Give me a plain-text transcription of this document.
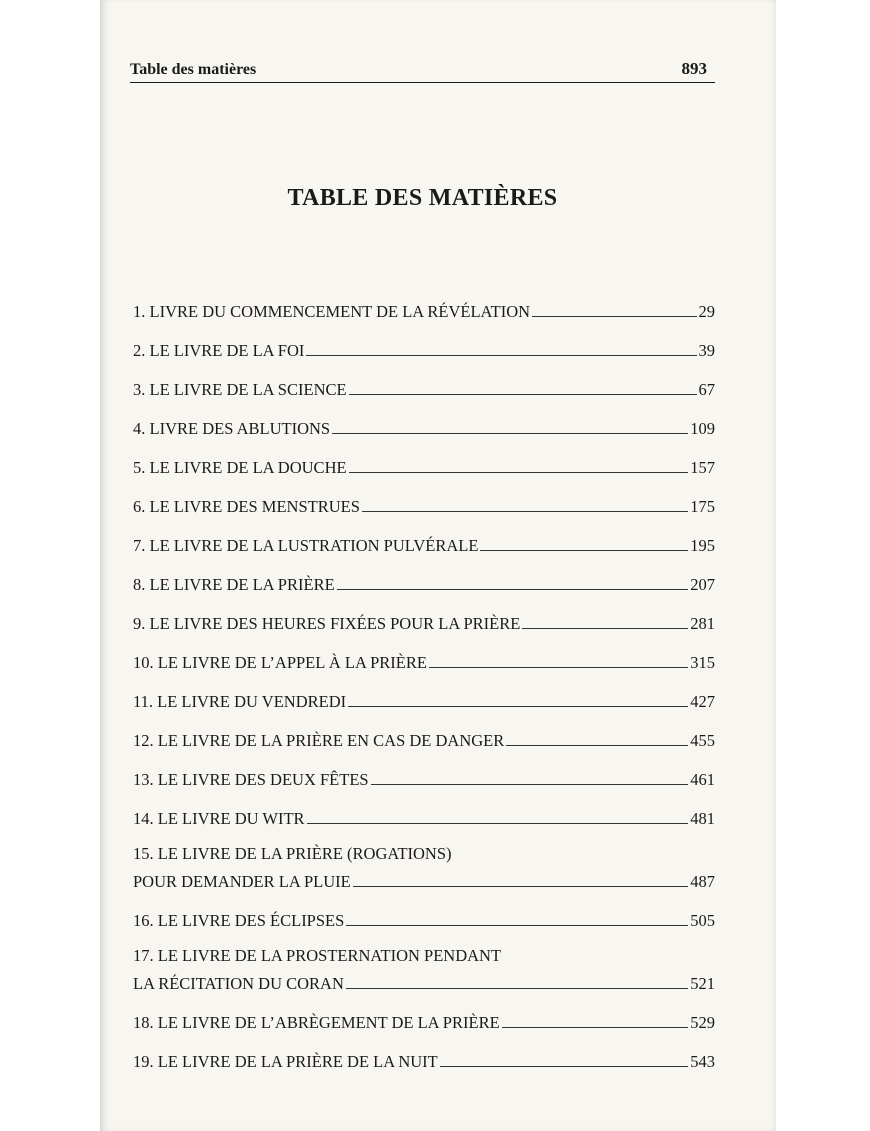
Table des matières	893
TABLE DES MATIÈRES
1. LIVRE DU COMMENCEMENT DE LA RÉVÉLATION	29
2. LE LIVRE DE LA FOI	39
3. LE LIVRE DE LA SCIENCE	67
4. LIVRE DES ABLUTIONS	109
5. LE LIVRE DE LA DOUCHE	157
6. LE LIVRE DES MENSTRUES	175
7. LE LIVRE DE LA LUSTRATION PULVÉRALE	195
8. LE LIVRE DE LA PRIÈRE	207
9. LE LIVRE DES HEURES FIXÉES POUR LA PRIÈRE	281
10. LE LIVRE DE L’APPEL À LA PRIÈRE	315
11. LE LIVRE DU VENDREDI	427
12. LE LIVRE DE LA PRIÈRE EN CAS DE DANGER	455
13. LE LIVRE DES DEUX FÊTES	461
14. LE LIVRE DU WITR	481
15. LE LIVRE DE LA PRIÈRE (ROGATIONS)
POUR DEMANDER LA PLUIE	487
16. LE LIVRE DES ÉCLIPSES	505
17. LE LIVRE DE LA PROSTERNATION PENDANT
LA RÉCITATION DU CORAN	521
18. LE LIVRE DE L’ABRÈGEMENT DE LA PRIÈRE	529
19. LE LIVRE DE LA PRIÈRE DE LA NUIT	543
